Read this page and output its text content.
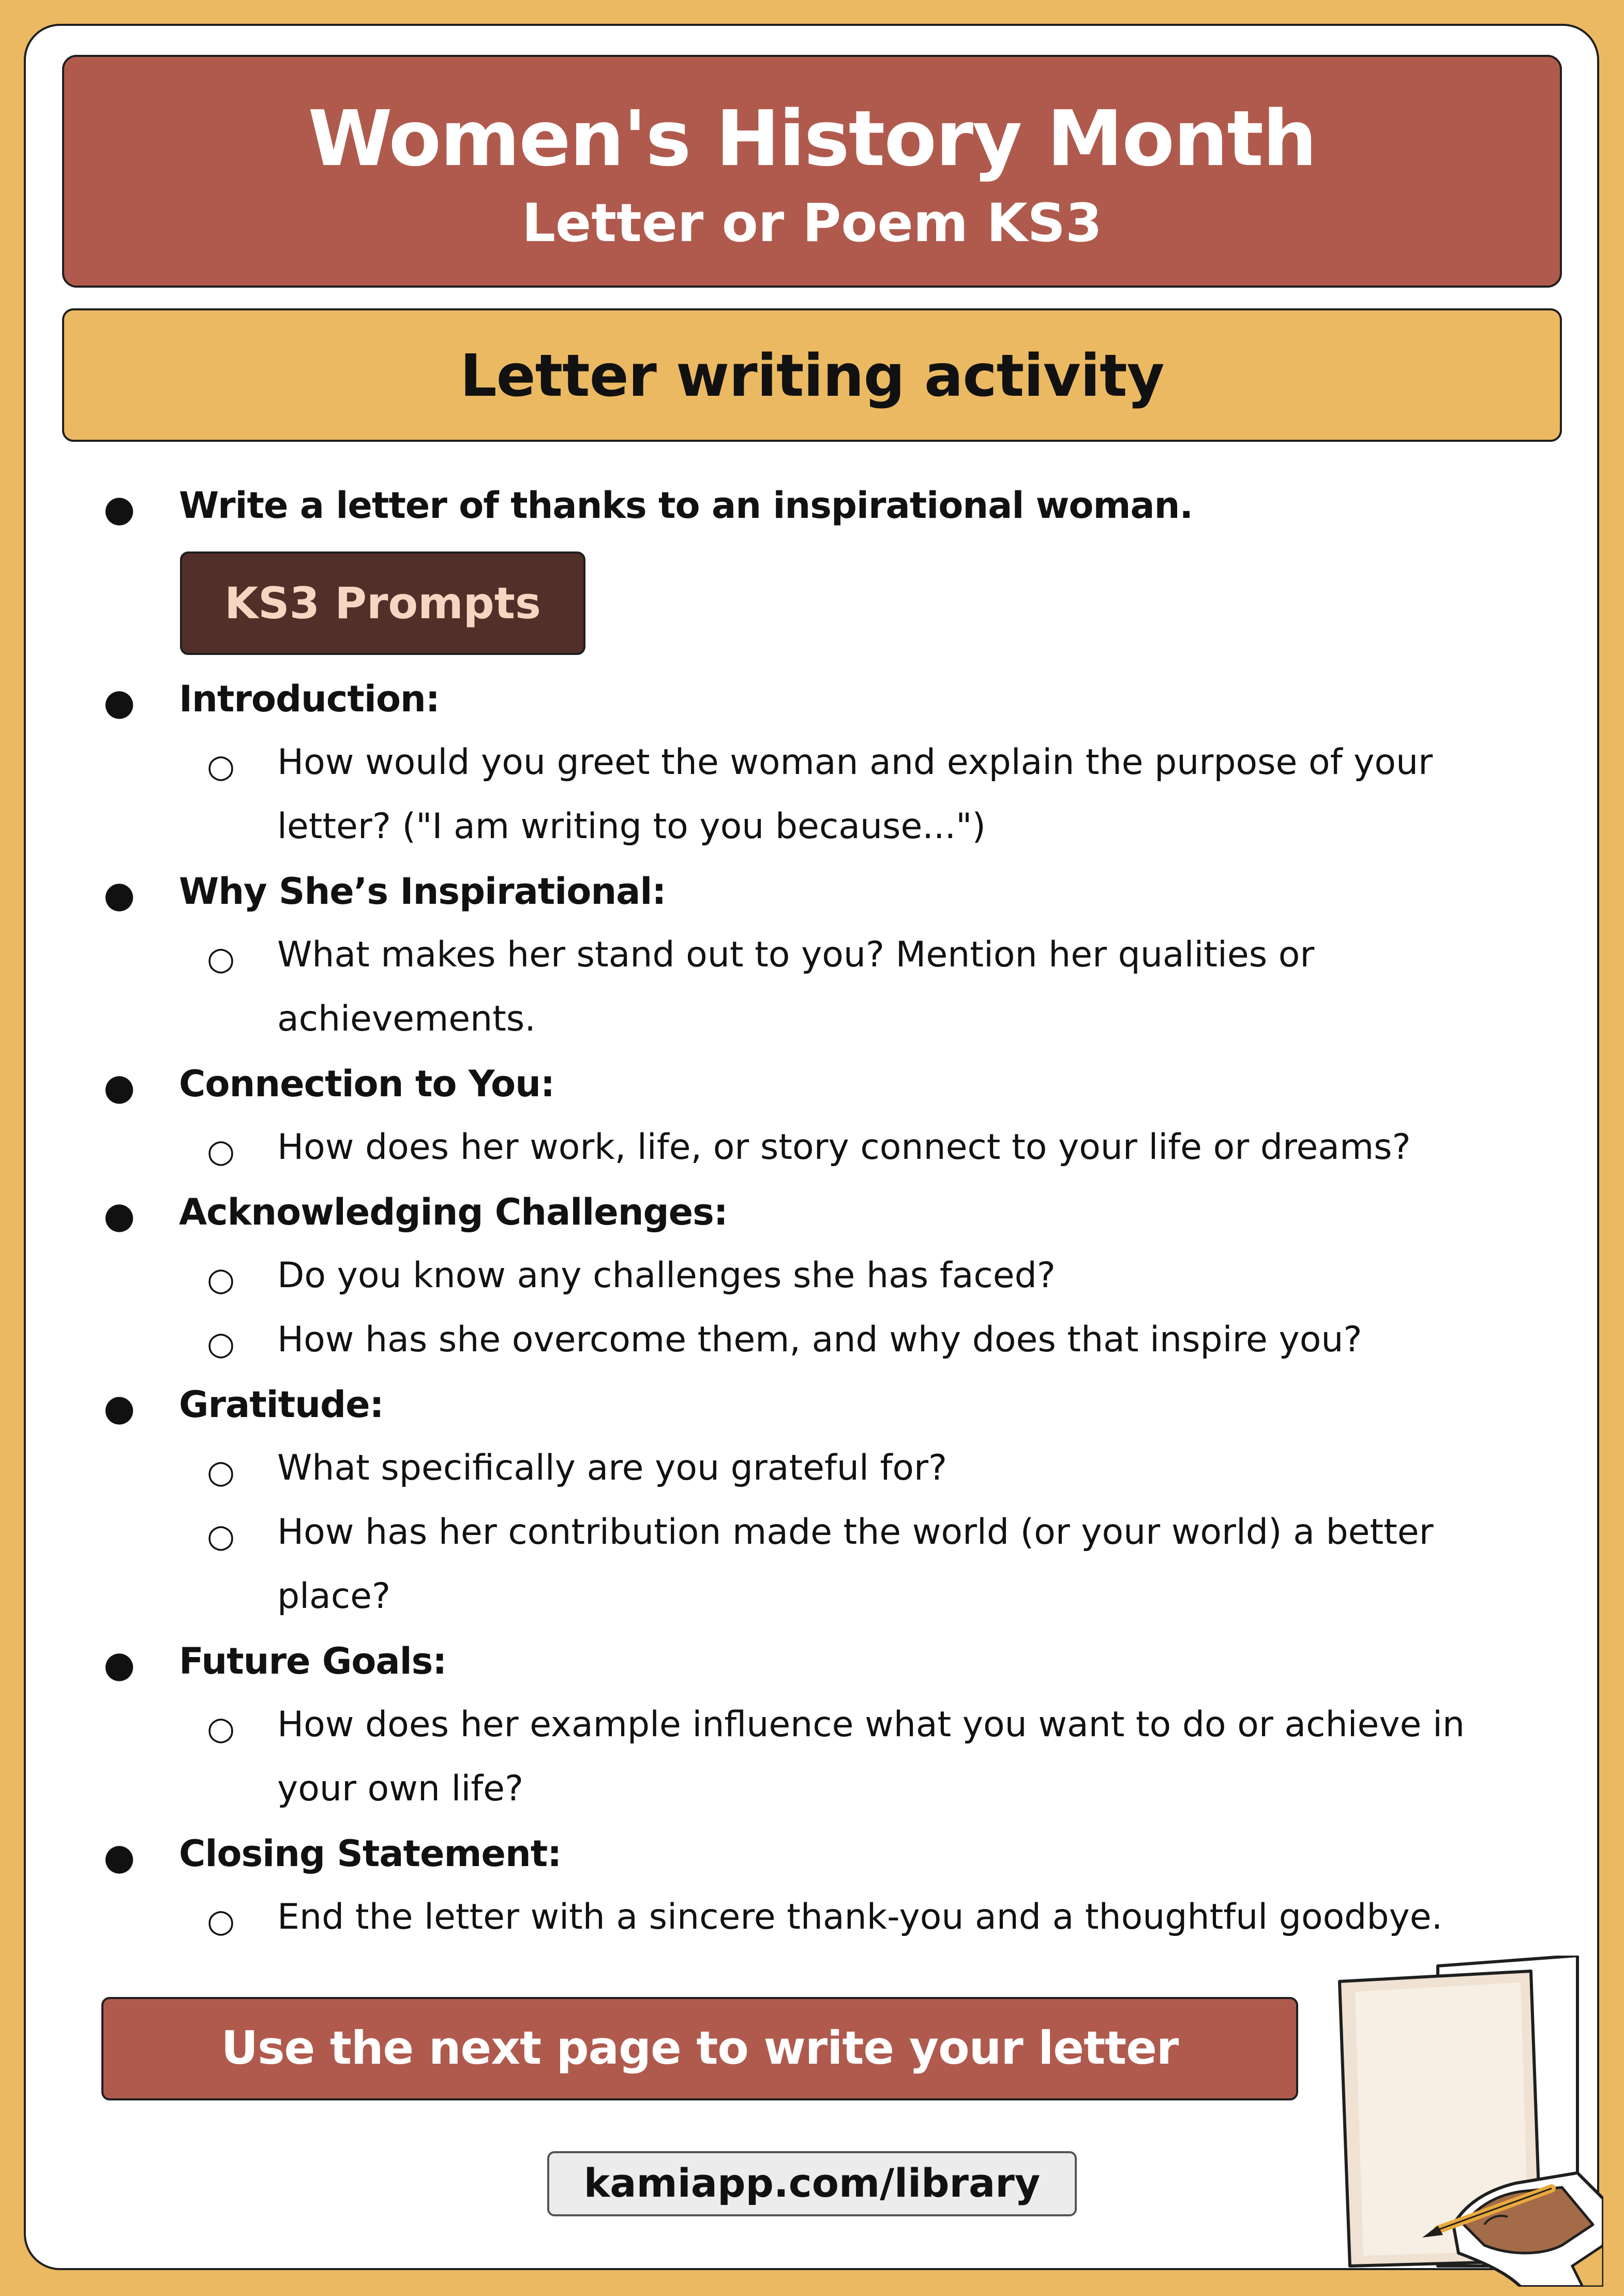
Women's History Month
Letter or Poem KS3
Letter writing activity
● Write a letter of thanks to an inspirational woman.
● Introduction:
○ How would you greet the woman and explain the purpose of your
letter? ("I am writing to you because...")
● Why She’s Inspirational:
○ What makes her stand out to you? Mention her qualities or
achievements.
● Connection to You:
○ How does her work, life, or story connect to your life or dreams?
● Acknowledging Challenges:
○ Do you know any challenges she has faced?
○ How has she overcome them, and why does that inspire you?
● Gratitude:
○ What specifically are you grateful for?
○ How has her contribution made the world (or your world) a better
place?
● Future Goals:
○ How does her example influence what you want to do or achieve in
your own life?
● Closing Statement:
○ End the letter with a sincere thank-you and a thoughtful goodbye.
KS3 Prompts
Use the next page to write your letter
kamiapp.com/library
